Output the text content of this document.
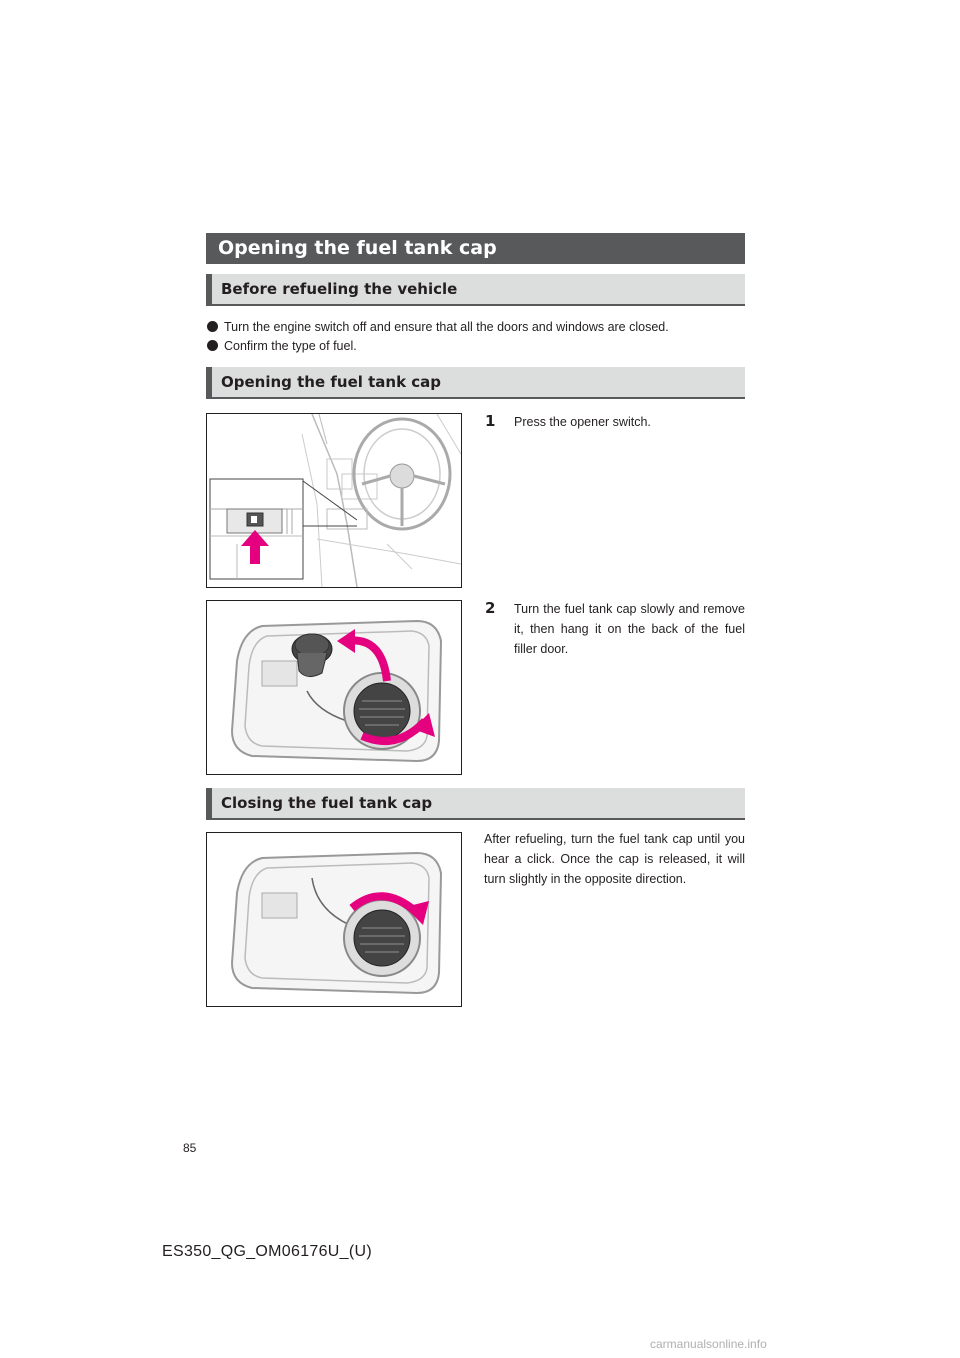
Opening the fuel tank cap
Before refueling the vehicle
Turn the engine switch off and ensure that all the doors and windows are closed.
Confirm the type of fuel.
Opening the fuel tank cap
1 Press the opener switch.
2 Turn the fuel tank cap slowly and remove it, then hang it on the back of the fuel filler door.
Closing the fuel tank cap
After refueling, turn the fuel tank cap until you hear a click. Once the cap is released, it will turn slightly in the opposite direction.
85
ES350_QG_OM06176U_(U)
carmanualsonline.info
